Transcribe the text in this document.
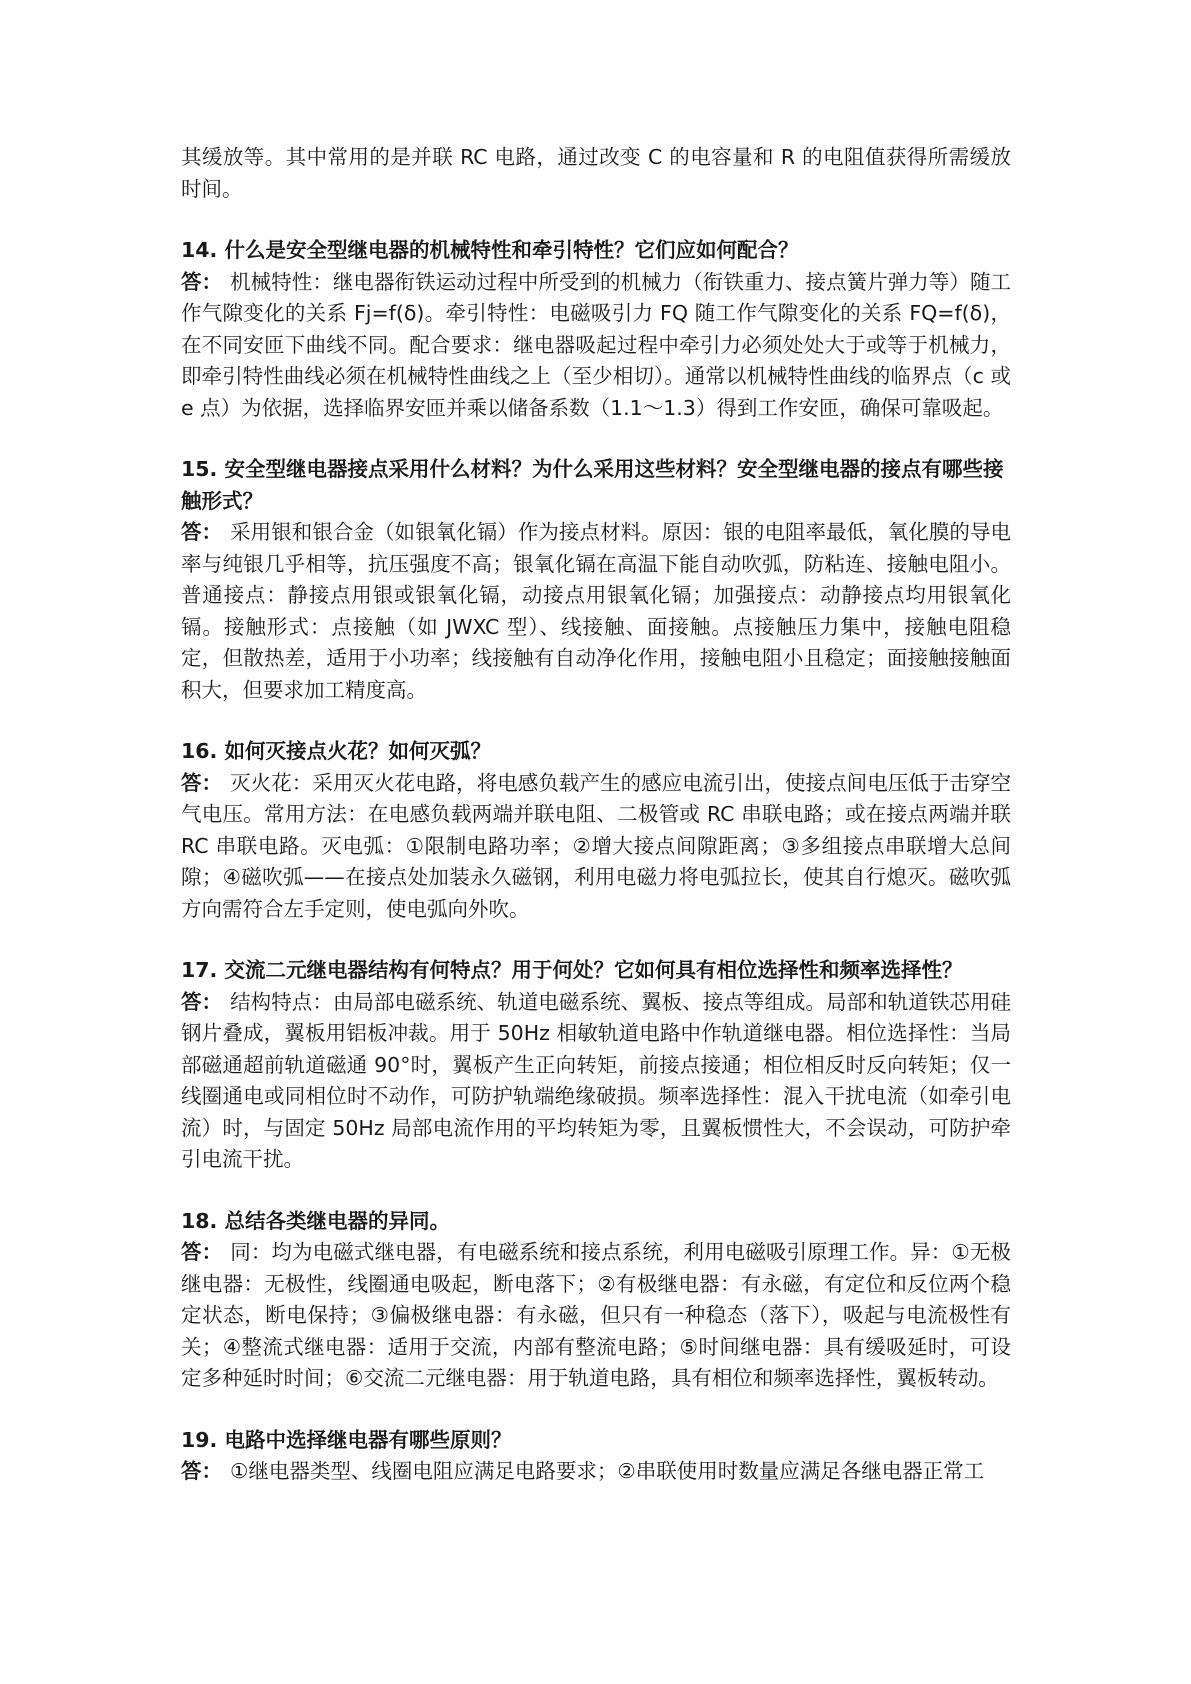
其缓放等。其中常用的是并联 RC 电路，通过改变 C 的电容量和 R 的电阻值获得所需缓放时间。

14. 什么是安全型继电器的机械特性和牵引特性？它们应如何配合？

答： 机械特性：继电器衔铁运动过程中所受到的机械力（衔铁重力、接点簧片弹力等）随工作气隙变化的关系 Fj=f(δ)。牵引特性：电磁吸引力 FQ 随工作气隙变化的关系 FQ=f(δ)，在不同安匝下曲线不同。配合要求：继电器吸起过程中牵引力必须处处大于或等于机械力，即牵引特性曲线必须在机械特性曲线之上（至少相切）。通常以机械特性曲线的临界点（c 或 e 点）为依据，选择临界安匝并乘以储备系数（1.1～1.3）得到工作安匝，确保可靠吸起。

15. 安全型继电器接点采用什么材料？为什么采用这些材料？安全型继电器的接点有哪些接触形式？

答： 采用银和银合金（如银氧化镉）作为接点材料。原因：银的电阻率最低，氧化膜的导电率与纯银几乎相等，抗压强度不高；银氧化镉在高温下能自动吹弧，防粘连、接触电阻小。普通接点：静接点用银或银氧化镉，动接点用银氧化镉；加强接点：动静接点均用银氧化镉。接触形式：点接触（如 JWXC 型）、线接触、面接触。点接触压力集中，接触电阻稳定，但散热差，适用于小功率；线接触有自动净化作用，接触电阻小且稳定；面接触接触面积大，但要求加工精度高。

16. 如何灭接点火花？如何灭弧？

答： 灭火花：采用灭火花电路，将电感负载产生的感应电流引出，使接点间电压低于击穿空气电压。常用方法：在电感负载两端并联电阻、二极管或 RC 串联电路；或在接点两端并联 RC 串联电路。灭电弧：①限制电路功率；②增大接点间隙距离；③多组接点串联增大总间隙；④磁吹弧——在接点处加装永久磁钢，利用电磁力将电弧拉长，使其自行熄灭。磁吹弧方向需符合左手定则，使电弧向外吹。

17. 交流二元继电器结构有何特点？用于何处？它如何具有相位选择性和频率选择性？

答： 结构特点：由局部电磁系统、轨道电磁系统、翼板、接点等组成。局部和轨道铁芯用硅钢片叠成，翼板用铝板冲裁。用于 50Hz 相敏轨道电路中作轨道继电器。相位选择性：当局部磁通超前轨道磁通 90°时，翼板产生正向转矩，前接点接通；相位相反时反向转矩；仅一线圈通电或同相位时不动作，可防护轨端绝缘破损。频率选择性：混入干扰电流（如牵引电流）时，与固定 50Hz 局部电流作用的平均转矩为零，且翼板惯性大，不会误动，可防护牵引电流干扰。

18. 总结各类继电器的异同。

答： 同：均为电磁式继电器，有电磁系统和接点系统，利用电磁吸引原理工作。异：①无极继电器：无极性，线圈通电吸起，断电落下；②有极继电器：有永磁，有定位和反位两个稳定状态，断电保持；③偏极继电器：有永磁，但只有一种稳态（落下），吸起与电流极性有关；④整流式继电器：适用于交流，内部有整流电路；⑤时间继电器：具有缓吸延时，可设定多种延时时间；⑥交流二元继电器：用于轨道电路，具有相位和频率选择性，翼板转动。

19. 电路中选择继电器有哪些原则？

答： ①继电器类型、线圈电阻应满足电路要求；②串联使用时数量应满足各继电器正常工
